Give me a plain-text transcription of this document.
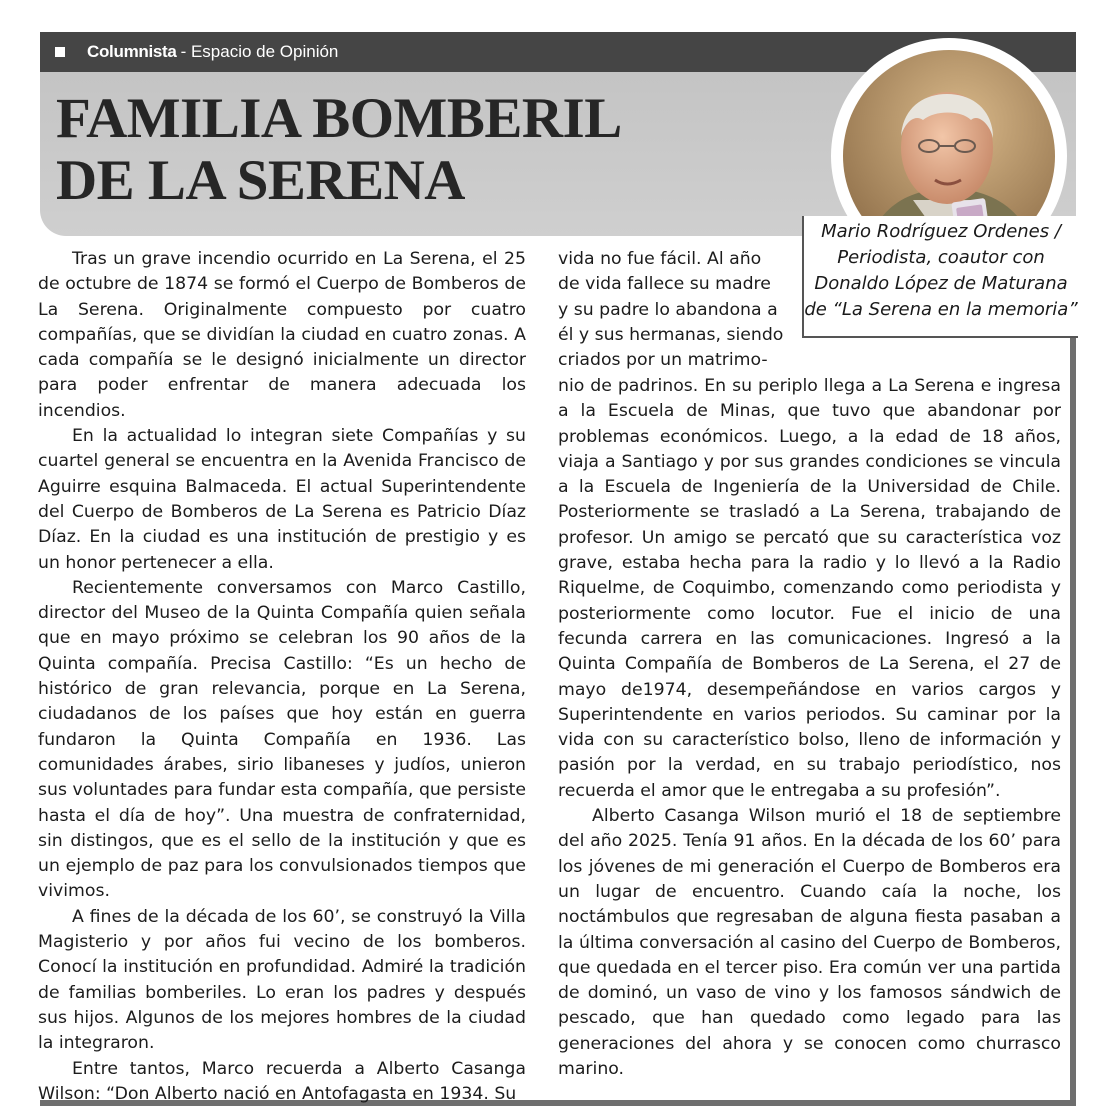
Columnista - Espacio de Opinión
FAMILIA BOMBERIL
DE LA SERENA
Mario Rodríguez Ordenes /
Periodista, coautor con
Donaldo López de Maturana
de “La Serena en la memoria”

Tras un grave incendio ocurrido en La Serena, el 25 de octubre de 1874 se formó el Cuerpo de Bomberos de La Serena. Originalmente compuesto por cuatro compañías, que se dividían la ciudad en cuatro zonas. A cada compañía se le designó inicialmente un director para poder enfrentar de manera adecuada los incendios.

En la actualidad lo integran siete Compañías y su cuartel general se encuentra en la Avenida Francisco de Aguirre esquina Balmaceda. El actual Superintendente del Cuerpo de Bomberos de La Serena es Patricio Díaz Díaz. En la ciudad es una institución de prestigio y es un honor pertenecer a ella.

Recientemente conversamos con Marco Castillo, director del Museo de la Quinta Compañía quien señala que en mayo próximo se celebran los 90 años de la Quinta compañía. Precisa Castillo: “Es un hecho de histórico de gran relevancia, porque en La Serena, ciudadanos de los países que hoy están en guerra fundaron la Quinta Compañía en 1936. Las comunidades árabes, sirio libaneses y judíos, unieron sus voluntades para fundar esta compañía, que persiste hasta el día de hoy”. Una muestra de confraternidad, sin distingos, que es el sello de la institución y que es un ejemplo de paz para los convulsionados tiempos que vivimos.

A fines de la década de los 60’, se construyó la Villa Magisterio y por años fui vecino de los bomberos. Conocí la institución en profundidad. Admiré la tradición de familias bomberiles. Lo eran los padres y después sus hijos. Algunos de los mejores hombres de la ciudad la integraron.

Entre tantos, Marco recuerda a Alberto Casanga Wilson: “Don Alberto nació en Antofagasta en 1934. Su

vida no fue fácil. Al año
de vida fallece su madre
y su padre lo abandona a
él y sus hermanas, siendo
criados por un matrimo-

nio de padrinos. En su periplo llega a La Serena e ingresa a la Escuela de Minas, que tuvo que abandonar por problemas económicos. Luego, a la edad de 18 años, viaja a Santiago y por sus grandes condiciones se vincula a la Escuela de Ingeniería de la Universidad de Chile. Posteriormente se trasladó a La Serena, trabajando de profesor. Un amigo se percató que su característica voz grave, estaba hecha para la radio y lo llevó a la Radio Riquelme, de Coquimbo, comenzando como periodista y posteriormente como locutor. Fue el inicio de una fecunda carrera en las comunicaciones. Ingresó a la Quinta Compañía de Bomberos de La Serena, el 27 de mayo de1974, desempeñándose en varios cargos y Superintendente en varios periodos. Su caminar por la vida con su característico bolso, lleno de información y pasión por la verdad, en su trabajo periodístico, nos recuerda el amor que le entregaba a su profesión”.

Alberto Casanga Wilson murió el 18 de septiembre del año 2025. Tenía 91 años. En la década de los 60’ para los jóvenes de mi generación el Cuerpo de Bomberos era un lugar de encuentro. Cuando caía la noche, los noctámbulos que regresaban de alguna fiesta pasaban a la última conversación al casino del Cuerpo de Bomberos, que quedada en el tercer piso. Era común ver una partida de dominó, un vaso de vino y los famosos sándwich de pescado, que han quedado como legado para las generaciones del ahora y se conocen como churrasco marino.
